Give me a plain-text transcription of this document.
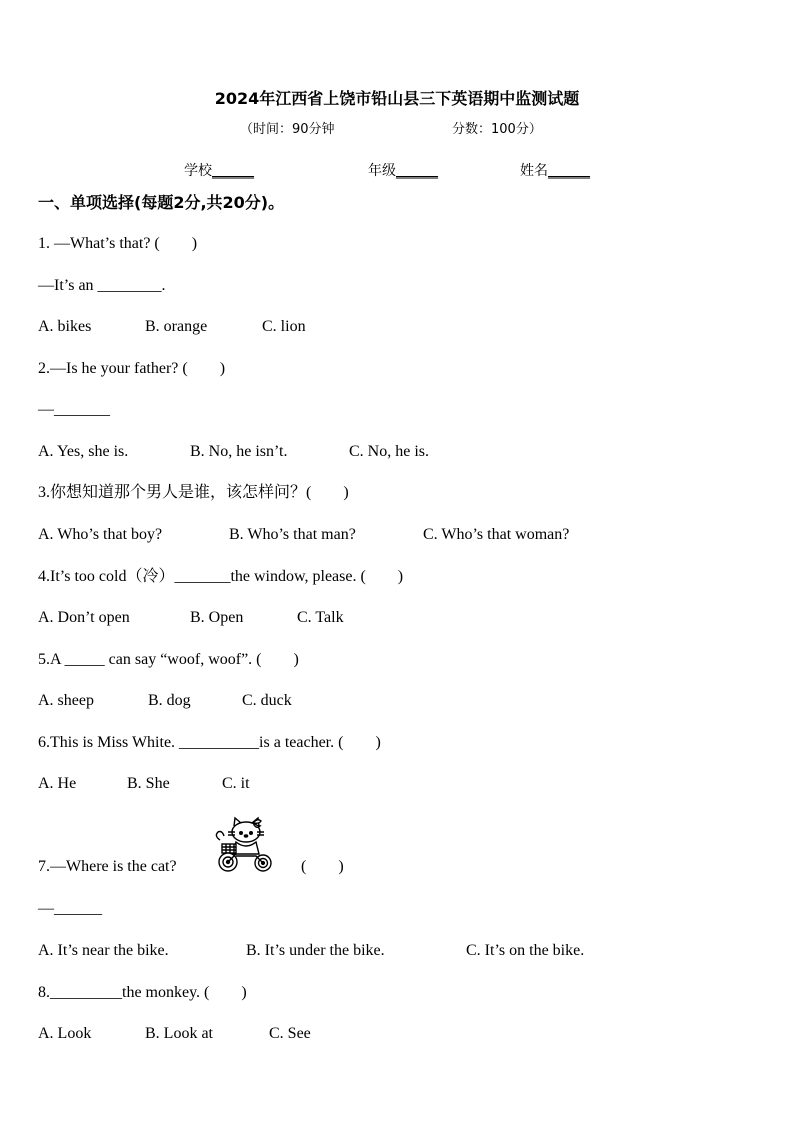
2024年江西省上饶市铅山县三下英语期中监测试题
（时间：90分钟	分数：100分）
学校______	年级______	姓名______
一、单项选择(每题2分,共20分)。
1. —What’s that? (　　)
—It’s an ________.
A. bikes	B. orange	C. lion
2.—Is he your father? (　　)
—_______
A. Yes, she is.	B. No, he isn’t.	C. No, he is.
3.你想知道那个男人是谁，该怎样问？(　　)
A. Who’s that boy?	B. Who’s that man?	C. Who’s that woman?
4.It’s too cold（冷）_______the window, please. (　　)
A. Don’t open	B. Open	C. Talk
5.A _____ can say “woof, woof”. (　　)
A. sheep	B. dog	C. duck
6.This is Miss White. __________is a teacher. (　　)
A. He	B. She	C. it
7.—Where is the cat?	(　　)
—______
A. It’s near the bike.	B. It’s under the bike.	C. It’s on the bike.
8._________the monkey. (　　)
A. Look	B. Look at	C. See
